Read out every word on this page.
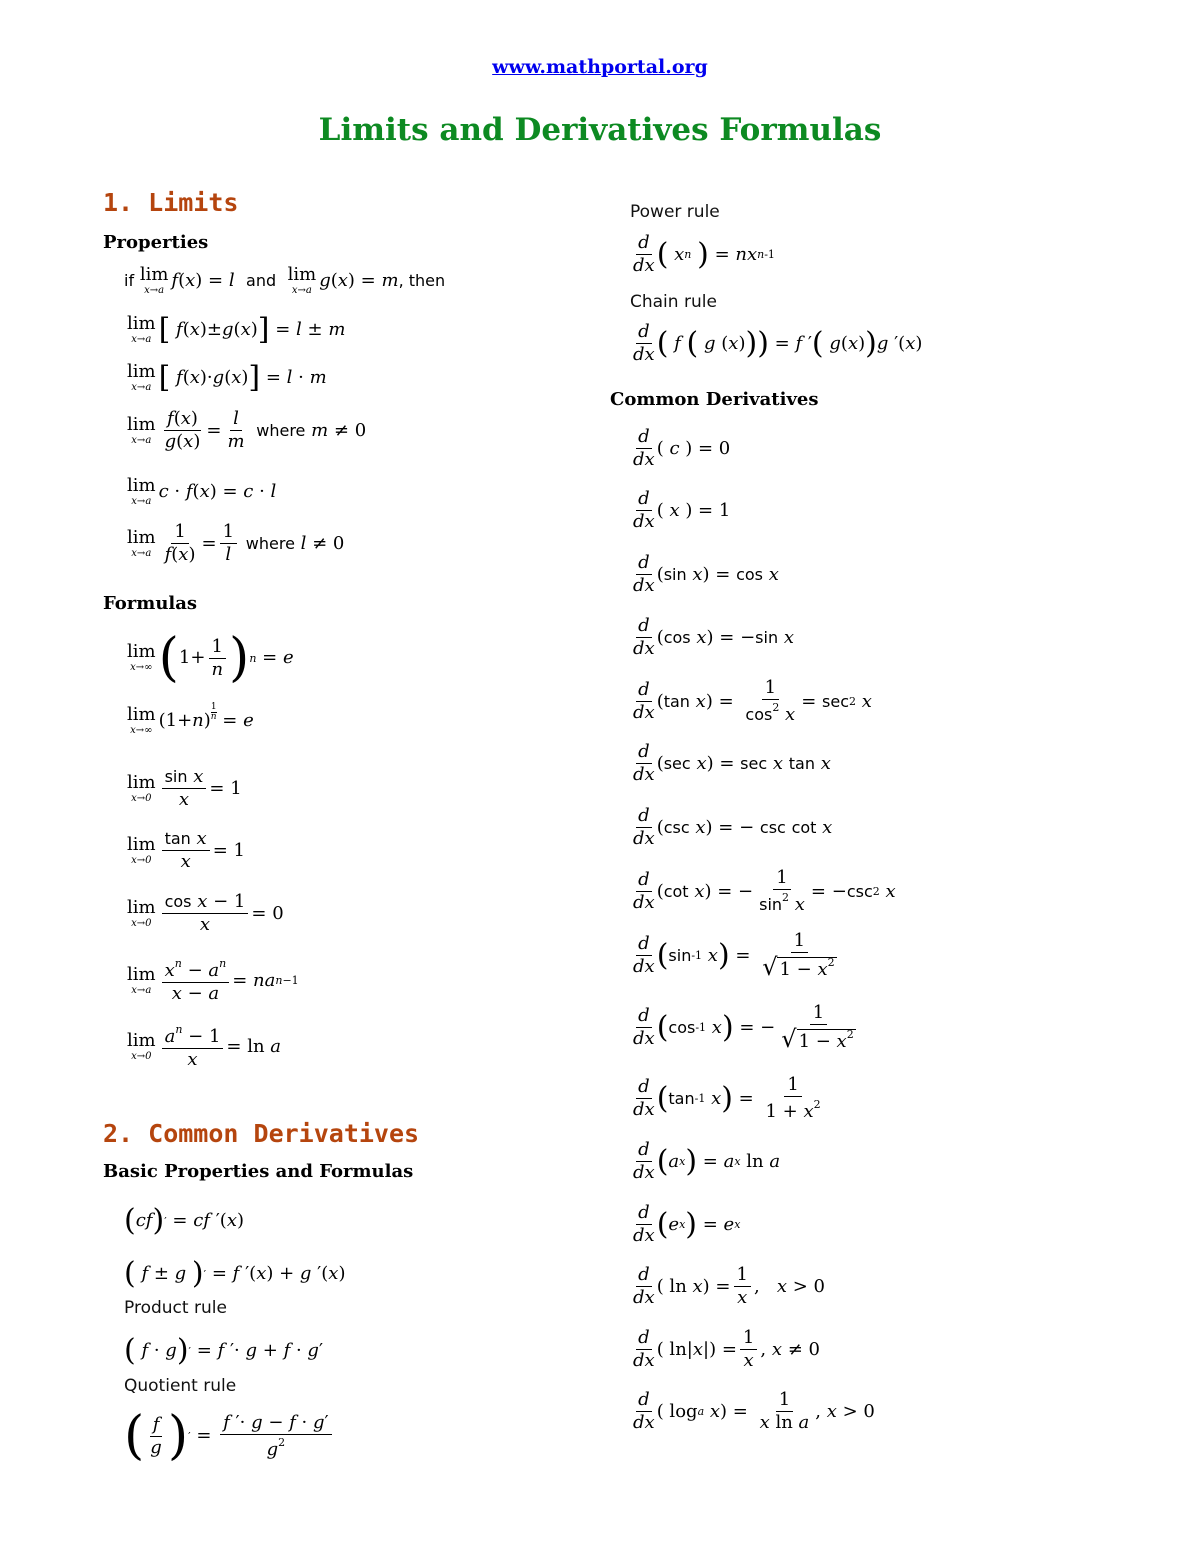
www.mathportal.org
Limits and Derivatives Formulas
1. Limits
Properties
if
lim
x→a f ( x ) = l
and
lim
x→a g ( x ) = m , then
lim
x→a [
f ( x )± g ( x ) ] = l ± m
lim
x→a [
f ( x )· g ( x ) ] = l · m
lim
x→a
f(x)
g(x)
=
l
m

where
m ≠ 0
lim
x→a c · f ( x ) = c · l
lim
x→a
1
f(x)
=
1
l

where
l ≠ 0
Formulas
lim
x→∞ ( 1+
1
n ) n = e
lim
x→∞ (1+ n )
1
n = e
lim
x→0
sin x
x
= 1
lim
x→0
tan x
x
= 1
lim
x→0
cos x − 1
x
= 0
lim
x→a
$x^n - a^n$
x − a
= na n−1
lim
x→0
$a^n - 1$
x
= ln a
2. Common Derivatives
Basic Properties and Formulas
( cf ) ′ = cf ′( x )
(
f ± g
) ′ = f ′( x ) + g ′( x )
Product rule
(
f · g ) ′ = f ′· g + f · g ′
Quotient rule
( f
g ) ′ =
f ′· g − f · g′
$g^2$
Power rule
d
dx (
x n
) = nx n-1
Chain rule
d
dx (
f
(
g ( x ) ) ) = f ′ (
g ( x ) ) g ′( x )
Common Derivatives
d
dx
( c ) = 0
d
dx
( x ) = 1
d
dx
( sin
x ) = cos
x
d
dx
( cos
x ) = − sin
x
d
dx
( tan
x ) =
1
$\cos^2 x$
= sec 2
x
d
dx
( sec
x ) = sec
x
tan
x
d
dx
( csc
x ) = − csc
cot
x
d
dx
( cot
x ) = −
1
$\sin^2 x$
= − csc 2
x
d
dx ( sin -1
x ) =
1
√ $1 - x^2$
d
dx ( cos -1
x ) = −
1
√ $1 - x^2$
d
dx ( tan -1
x ) =
1
$1 + x^2$
d
dx ( a x ) = a x ln a
d
dx ( e x ) = e x
d
dx
( ln x ) =
1
x
, x > 0
d
dx
( ln| x |) =
1
x
, x ≠ 0
d
dx
( log a
x ) =
1
x ln a
, x > 0
